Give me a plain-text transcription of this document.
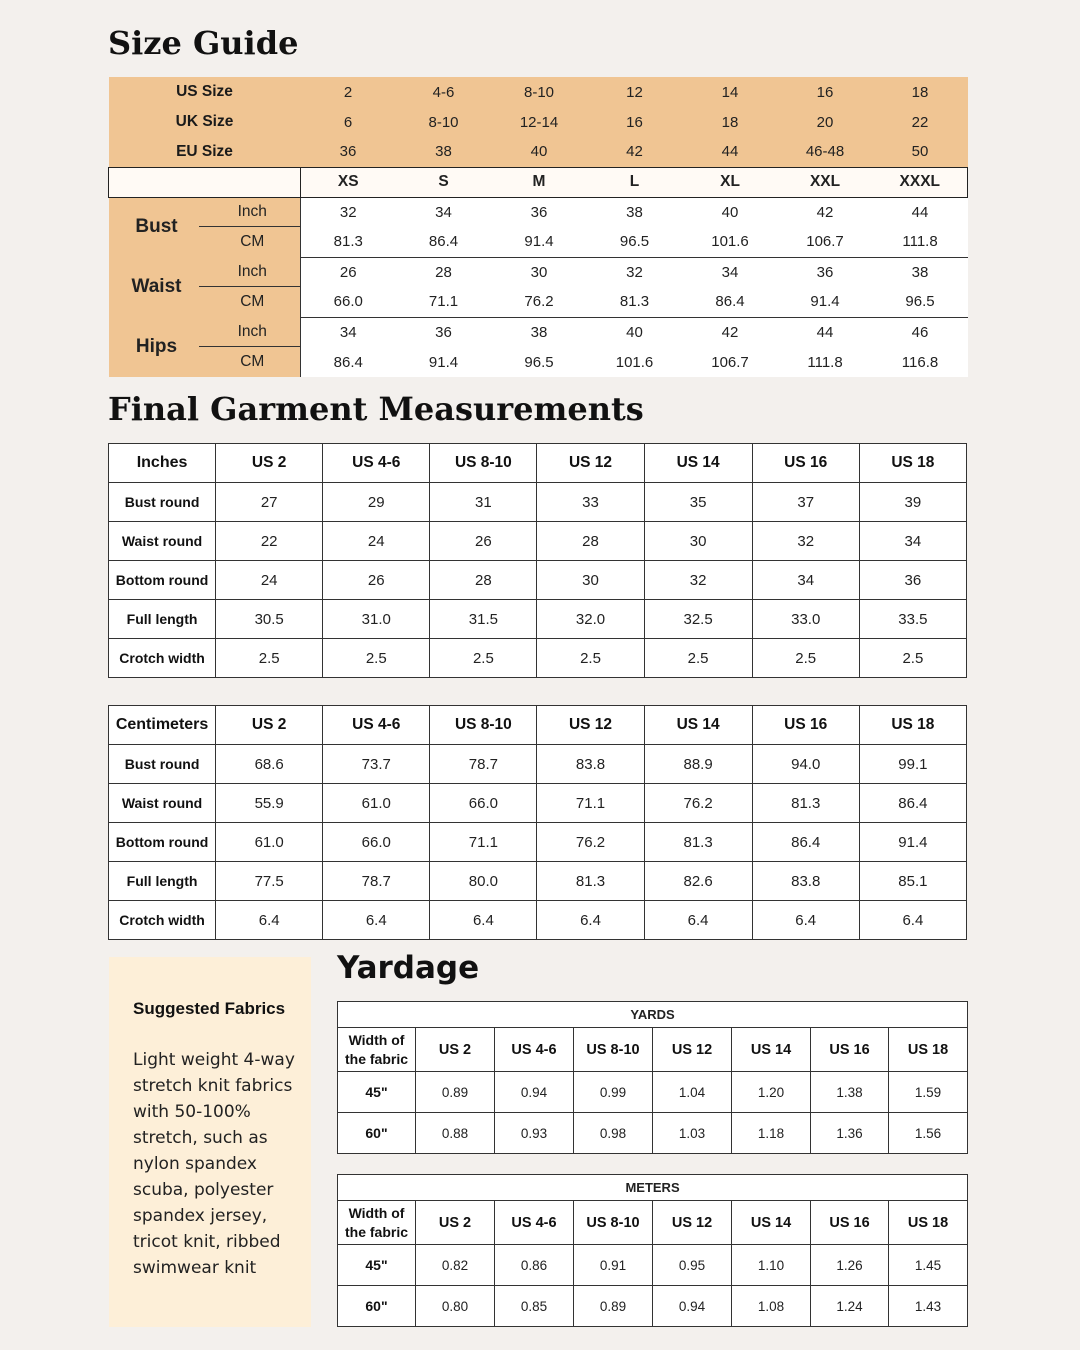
Size Guide
US Size		2	4-6	8-10	12	14	16	18
UK Size		6	8-10	12-14	16	18	20	22
EU Size		36	38	40	42	44	46-48	50
		XS	S	M	L	XL	XXL	XXXL
Bust	Inch	32	34	36	38	40	42	44
	CM	81.3	86.4	91.4	96.5	101.6	106.7	111.8
Waist	Inch	26	28	30	32	34	36	38
	CM	66.0	71.1	76.2	81.3	86.4	91.4	96.5
Hips	Inch	34	36	38	40	42	44	46
	CM	86.4	91.4	96.5	101.6	106.7	111.8	116.8
Final Garment Measurements
Inches	US 2	US 4-6	US 8-10	US 12	US 14	US 16	US 18
Bust round	27	29	31	33	35	37	39
Waist round	22	24	26	28	30	32	34
Bottom round	24	26	28	30	32	34	36
Full length	30.5	31.0	31.5	32.0	32.5	33.0	33.5
Crotch width	2.5	2.5	2.5	2.5	2.5	2.5	2.5
Centimeters	US 2	US 4-6	US 8-10	US 12	US 14	US 16	US 18
Bust round	68.6	73.7	78.7	83.8	88.9	94.0	99.1
Waist round	55.9	61.0	66.0	71.1	76.2	81.3	86.4
Bottom round	61.0	66.0	71.1	76.2	81.3	86.4	91.4
Full length	77.5	78.7	80.0	81.3	82.6	83.8	85.1
Crotch width	6.4	6.4	6.4	6.4	6.4	6.4	6.4
Suggested Fabrics
Light weight 4-way
stretch knit fabrics
with 50-100%
stretch, such as
nylon spandex
scuba, polyester
spandex jersey,
tricot knit, ribbed
swimwear knit
Yardage
YARDS							

Width of
the fabric	US 2	US 4-6	US 8-10	US 12	US 14	US 16	US 18
45"	0.89	0.94	0.99	1.04	1.20	1.38	1.59
60"	0.88	0.93	0.98	1.03	1.18	1.36	1.56
METERS							

Width of
the fabric	US 2	US 4-6	US 8-10	US 12	US 14	US 16	US 18
45"	0.82	0.86	0.91	0.95	1.10	1.26	1.45
60"	0.80	0.85	0.89	0.94	1.08	1.24	1.43
